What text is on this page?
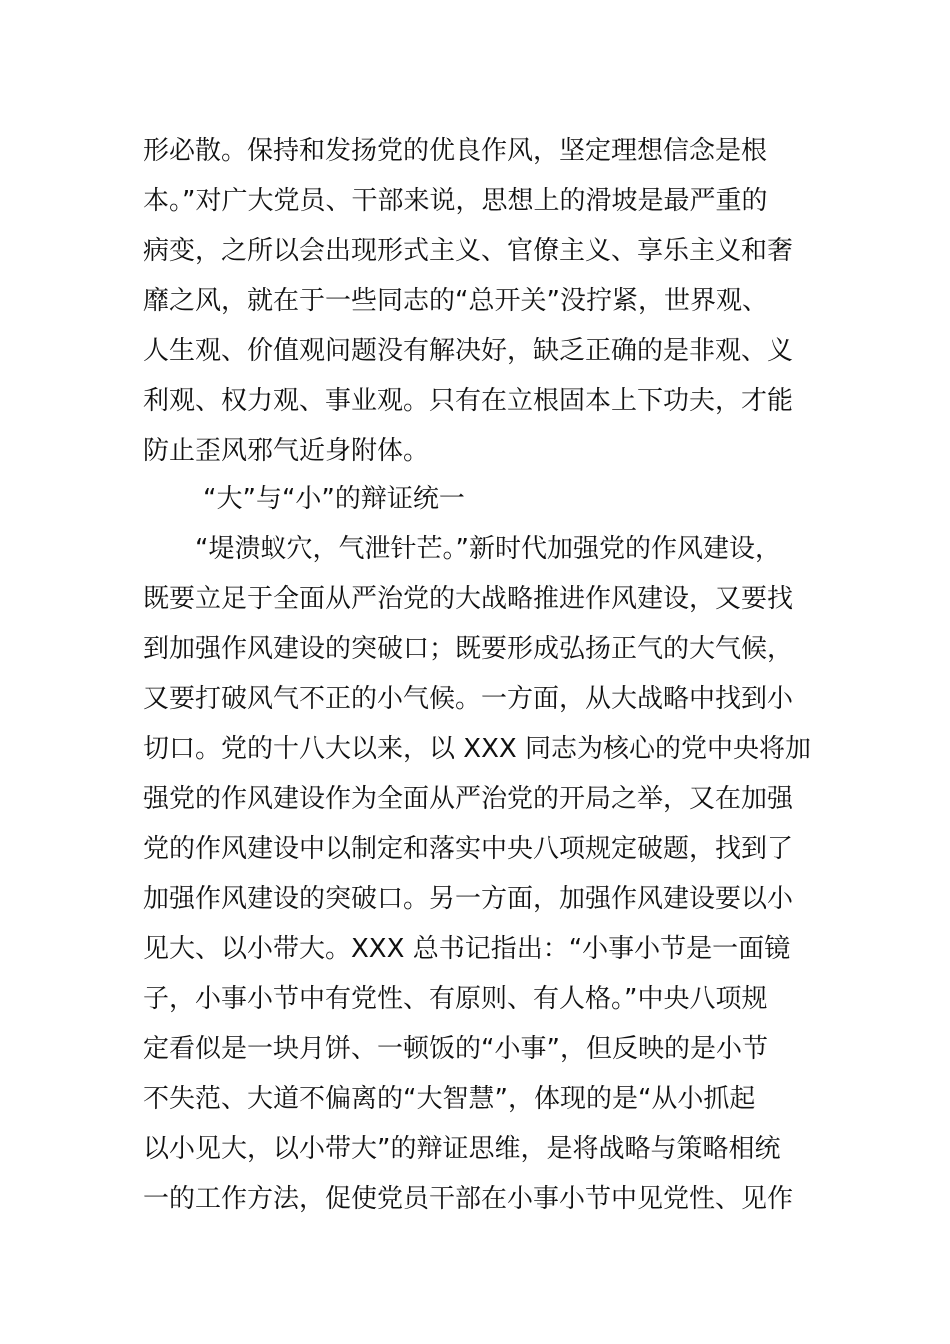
形必散。保持和发扬党的优良作风，坚定理想信念是根
本。”对广大党员、干部来说，思想上的滑坡是最严重的
病变，之所以会出现形式主义、官僚主义、享乐主义和奢
靡之风，就在于一些同志的“总开关”没拧紧，世界观、
人生观、价值观问题没有解决好，缺乏正确的是非观、义
利观、权力观、事业观。只有在立根固本上下功夫，才能
防止歪风邪气近身附体。
“大”与“小”的辩证统一
“堤溃蚁穴，气泄针芒。”新时代加强党的作风建设，
既要立足于全面从严治党的大战略推进作风建设，又要找
到加强作风建设的突破口；既要形成弘扬正气的大气候，
又要打破风气不正的小气候。一方面，从大战略中找到小
切口。党的十八大以来，以 XXX 同志为核心的党中央将加
强党的作风建设作为全面从严治党的开局之举，又在加强
党的作风建设中以制定和落实中央八项规定破题，找到了
加强作风建设的突破口。另一方面，加强作风建设要以小
见大、以小带大。XXX 总书记指出：“小事小节是一面镜
子，小事小节中有党性、有原则、有人格。”中央八项规
定看似是一块月饼、一顿饭的“小事”，但反映的是小节
不失范、大道不偏离的“大智慧”，体现的是“从小抓起
以小见大，以小带大”的辩证思维，是将战略与策略相统
一的工作方法，促使党员干部在小事小节中见党性、见作
